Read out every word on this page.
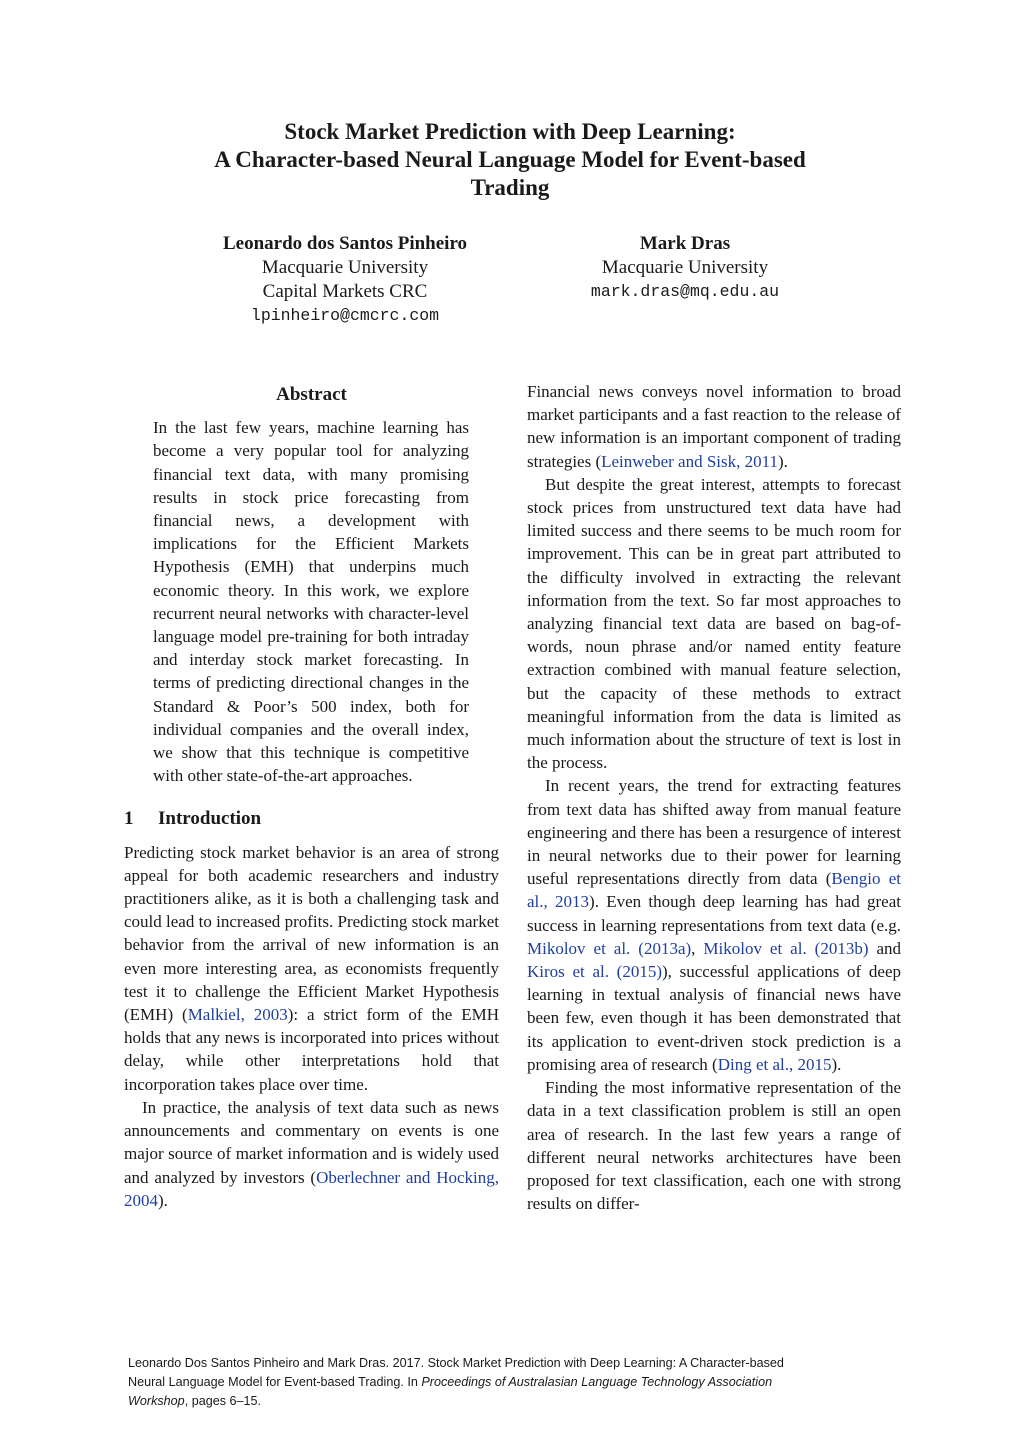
Stock Market Prediction with Deep Learning:
A Character-based Neural Language Model for Event-based
Trading
Leonardo dos Santos Pinheiro
Macquarie University
Capital Markets CRC
lpinheiro@cmcrc.com
Mark Dras
Macquarie University
mark.dras@mq.edu.au
Abstract

In the last few years, machine learning has become a very popular tool for analyzing financial text data, with many promising results in stock price forecasting from financial news, a development with implications for the Efficient Markets Hypothesis (EMH) that underpins much economic theory. In this work, we explore recurrent neural networks with character-level language model pre-training for both intraday and interday stock market forecasting. In terms of predicting directional changes in the Standard & Poor’s 500 index, both for individual companies and the overall index, we show that this technique is competitive with other state-of-the-art approaches.

1 Introduction

Predicting stock market behavior is an area of strong appeal for both academic researchers and industry practitioners alike, as it is both a challenging task and could lead to increased profits. Predicting stock market behavior from the arrival of new information is an even more interesting area, as economists frequently test it to challenge the Efficient Market Hypothesis (EMH) (Malkiel, 2003): a strict form of the EMH holds that any news is incorporated into prices without delay, while other interpretations hold that incorporation takes place over time.

In practice, the analysis of text data such as news announcements and commentary on events is one major source of market information and is widely used and analyzed by investors (Oberlechner and Hocking, 2004).

Financial news conveys novel information to broad market participants and a fast reaction to the release of new information is an important component of trading strategies (Leinweber and Sisk, 2011).

But despite the great interest, attempts to forecast stock prices from unstructured text data have had limited success and there seems to be much room for improvement. This can be in great part attributed to the difficulty involved in extracting the relevant information from the text. So far most approaches to analyzing financial text data are based on bag-of-words, noun phrase and/or named entity feature extraction combined with manual feature selection, but the capacity of these methods to extract meaningful information from the data is limited as much information about the structure of text is lost in the process.

In recent years, the trend for extracting features from text data has shifted away from manual feature engineering and there has been a resurgence of interest in neural networks due to their power for learning useful representations directly from data (Bengio et al., 2013). Even though deep learning has had great success in learning representations from text data (e.g. Mikolov et al. (2013a), Mikolov et al. (2013b) and Kiros et al. (2015)), successful applications of deep learning in textual analysis of financial news have been few, even though it has been demonstrated that its application to event-driven stock prediction is a promising area of research (Ding et al., 2015).

Finding the most informative representation of the data in a text classification problem is still an open area of research. In the last few years a range of different neural networks architectures have been proposed for text classification, each one with strong results on differ-

Leonardo Dos Santos Pinheiro and Mark Dras. 2017. Stock Market Prediction with Deep Learning: A Character-based
Neural Language Model for Event-based Trading. In Proceedings of Australasian Language Technology Association
Workshop, pages 6–15.
